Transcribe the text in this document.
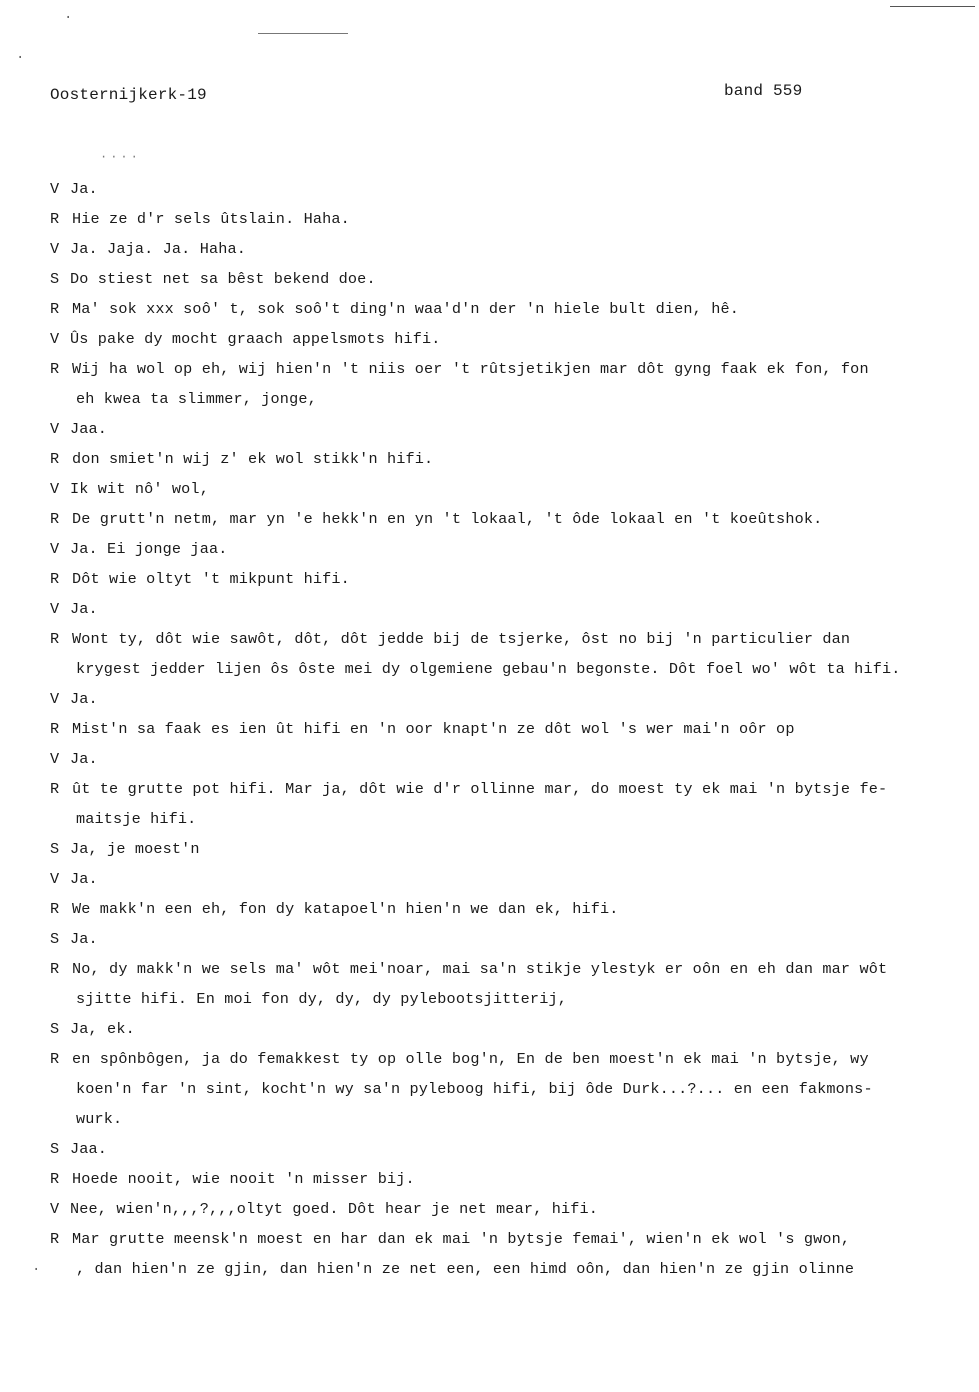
·
·
·
····
Oosternijkerk-19	band 559
V Ja.
R Hie ze d'r sels ûtslain. Haha.
V Ja. Jaja. Ja. Haha.
S Do stiest net sa bêst bekend doe.
R Ma' sok xxx soô' t, sok soô't ding'n waa'd'n der 'n hiele bult dien, hê.
V Ûs pake dy mocht graach appelsmots hifi.
R Wij ha wol op eh, wij hien'n 't niis oer 't rûtsjetikjen mar dôt gyng faak ek fon, fon
eh kwea ta slimmer, jonge,
V Jaa.
R don smiet'n wij z' ek wol stikk'n hifi.
V Ik wit nô' wol,
R De grutt'n netm, mar yn 'e hekk'n en yn 't lokaal, 't ôde lokaal en 't koeûtshok.
V Ja. Ei jonge jaa.
R Dôt wie oltyt 't mikpunt hifi.
V Ja.
R Wont ty, dôt wie sawôt, dôt, dôt jedde bij de tsjerke, ôst no bij 'n particulier dan
krygest jedder lijen ôs ôste mei dy olgemiene gebau'n begonste. Dôt foel wo' wôt ta hifi.
V Ja.
R Mist'n sa faak es ien ût hifi en 'n oor knapt'n ze dôt wol 's wer mai'n oôr op
V Ja.
R ût te grutte pot hifi. Mar ja, dôt wie d'r ollinne mar, do moest ty ek mai 'n bytsje fe-
maitsje hifi.
S Ja, je moest'n
V Ja.
R We makk'n een eh, fon dy katapoel'n hien'n we dan ek, hifi.
S Ja.
R No, dy makk'n we sels ma' wôt mei'noar, mai sa'n stikje ylestyk er oôn en eh dan mar wôt
sjitte hifi. En moi fon dy, dy, dy pylebootsjitterij,
S Ja, ek.
R en spônbôgen, ja do femakkest ty op olle bog'n, En de ben moest'n ek mai 'n bytsje, wy
koen'n far 'n sint, kocht'n wy sa'n pyleboog hifi, bij ôde Durk...?... en een fakmons-
wurk.
S Jaa.
R Hoede nooit, wie nooit 'n misser bij.
V Nee, wien'n,,,?,,,oltyt goed. Dôt hear je net mear, hifi.
R Mar grutte meensk'n moest en har dan ek mai 'n bytsje femai', wien'n ek wol 's gwon,
, dan hien'n ze gjin, dan hien'n ze net een, een himd oôn, dan hien'n ze gjin olinne
